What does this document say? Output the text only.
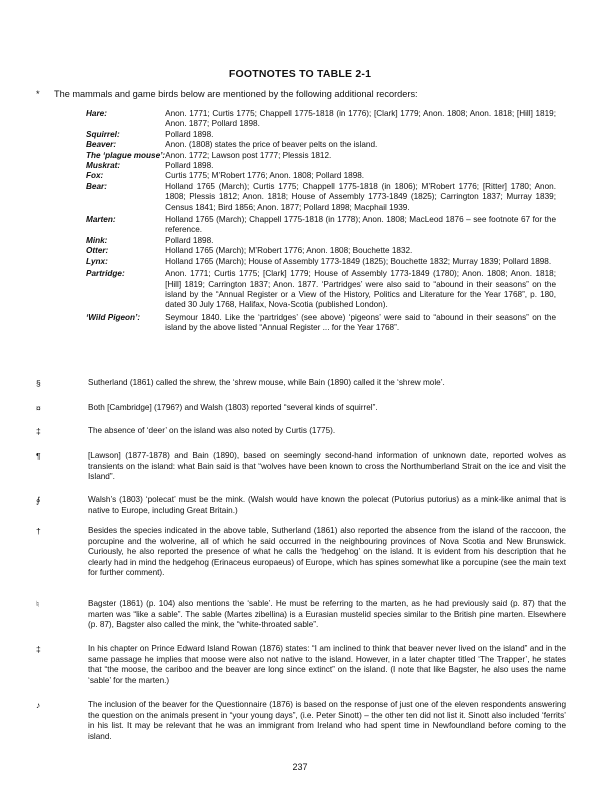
FOOTNOTES TO TABLE 2-1
* The mammals and game birds below are mentioned by the following additional recorders:
Hare:	Anon. 1771; Curtis 1775; Chappell 1775-1818 (in 1776); [Clark] 1779; Anon. 1808; Anon. 1818; [Hill] 1819; Anon. 1877; Pollard 1898.
Squirrel:	Pollard 1898.
Beaver:	Anon. (1808) states the price of beaver pelts on the island.
The ‘plague mouse’:	Anon. 1772; Lawson post 1777; Plessis 1812.
Muskrat:	Pollard 1898.
Fox:	Curtis 1775; M’Robert 1776; Anon. 1808; Pollard 1898.
Bear:	Holland 1765 (March); Curtis 1775; Chappell 1775-1818 (in 1806); M’Robert 1776; [Ritter] 1780; Anon. 1808; Plessis 1812; Anon. 1818; House of Assembly 1773-1849 (1825); Carrington 1837; Murray 1839; Census 1841; Bird 1856; Anon. 1877; Pollard 1898; Macphail 1939.
Marten:	Holland 1765 (March); Chappell 1775-1818 (in 1778); Anon. 1808; MacLeod 1876 – see footnote 67 for the reference.
Mink:	Pollard 1898.
Otter:	Holland 1765 (March); M’Robert 1776; Anon. 1808; Bouchette 1832.
Lynx:	Holland 1765 (March); House of Assembly 1773-1849 (1825); Bouchette 1832; Murray 1839; Pollard 1898.
Partridge:	Anon. 1771; Curtis 1775; [Clark] 1779; House of Assembly 1773-1849 (1780); Anon. 1808; Anon. 1818; [Hill] 1819; Carrington 1837; Anon. 1877. ‘Partridges’ were also said to “abound in their seasons” on the island by the “Annual Register or a View of the History, Politics and Literature for the Year 1768”, p. 180, dated 30 July 1768, Halifax, Nova-Scotia (published London).
‘Wild Pigeon’:	Seymour 1840. Like the ‘partridges’ (see above) ‘pigeons’ were said to “abound in their seasons” on the island by the above listed “Annual Register ... for the Year 1768”.
§	Sutherland (1861) called the shrew, the ‘shrew mouse, while Bain (1890) called it the ‘shrew mole’.
¤	Both [Cambridge] (1796?) and Walsh (1803) reported “several kinds of squirrel”.
‡	The absence of ‘deer’ on the island was also noted by Curtis (1775).
¶	[Lawson] (1877-1878) and Bain (1890), based on seemingly second-hand information of unknown date, reported wolves as transients on the island: what Bain said is that “wolves have been known to cross the Northumberland Strait on the ice and visit the Island”.
∮	Walsh’s (1803) ‘polecat’ must be the mink. (Walsh would have known the polecat (Putorius putorius) as a mink-like animal that is native to Europe, including Great Britain.)
†	Besides the species indicated in the above table, Sutherland (1861) also reported the absence from the island of the raccoon, the porcupine and the wolverine, all of which he said occurred in the neighbouring provinces of Nova Scotia and New Brunswick. Curiously, he also reported the presence of what he calls the ‘hedgehog’ on the island. It is evident from his description that he clearly had in mind the hedgehog (Erinaceus europaeus) of Europe, which has spines somewhat like a porcupine (see the main text for further comment).
♮	Bagster (1861) (p. 104) also mentions the ‘sable’. He must be referring to the marten, as he had previously said (p. 87) that the marten was “like a sable”. The sable (Martes zibellina) is a Eurasian mustelid species similar to the British pine marten. Elsewhere (p. 87), Bagster also called the mink, the “white-throated sable”.
‡	In his chapter on Prince Edward Island Rowan (1876) states: “I am inclined to think that beaver never lived on the island” and in the same passage he implies that moose were also not native to the island. However, in a later chapter titled ‘The Trapper’, he states that “the moose, the cariboo and the beaver are long since extinct” on the island. (I note that like Bagster, he also uses the name ‘sable’ for the marten.)
♪	The inclusion of the beaver for the Questionnaire (1876) is based on the response of just one of the eleven respondents answering the question on the animals present in “your young days”, (i.e. Peter Sinott) – the other ten did not list it. Sinott also included ‘ferrits’ in his list. It may be relevant that he was an immigrant from Ireland who had spent time in Newfoundland before coming to the island.
237
